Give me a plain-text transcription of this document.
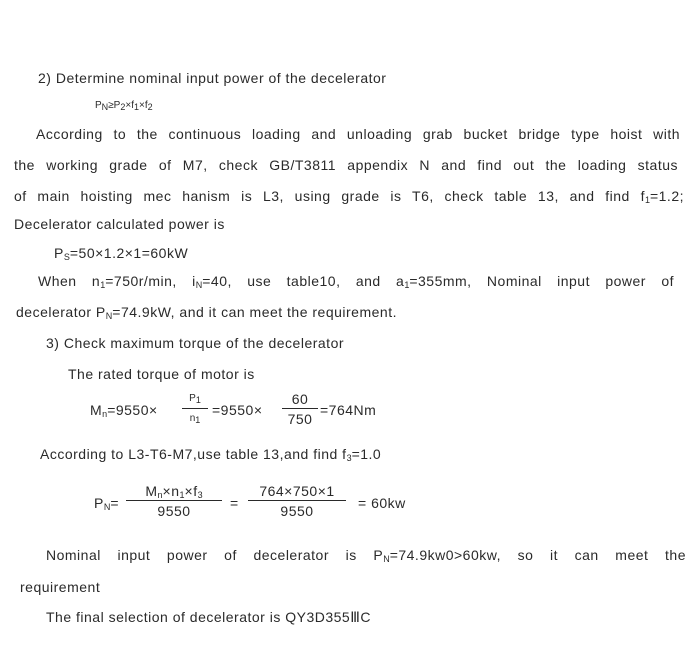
2) Determine nominal input power of the decelerator
PN≥P2×f1×f2
According to the continuous loading and unloading grab bucket bridge type hoist with
the working grade of M7, check GB/T3811 appendix N and find out the loading status
of main hoisting mec hanism is L3, using grade is T6, check table 13, and find f1=1.2;
Decelerator calculated power is
PS=50×1.2×1=60kW
When n1=750r/min, iN=40, use table10, and a1=355mm, Nominal input power of
decelerator PN=74.9kW, and it can meet the requirement.
3) Check maximum torque of the decelerator
The rated torque of motor is
Mn=9550×
P1
n1
=9550×
60
750
=764Nm
According to L3-T6-M7,use table 13,and find f3=1.0
PN=
Mn×n1×f3
9550	=
764×750×1
9550	= 60kw
Nominal input power of decelerator is PN=74.9kw0>60kw, so it can meet the
requirement
The final selection of decelerator is QY3D355ⅢC
